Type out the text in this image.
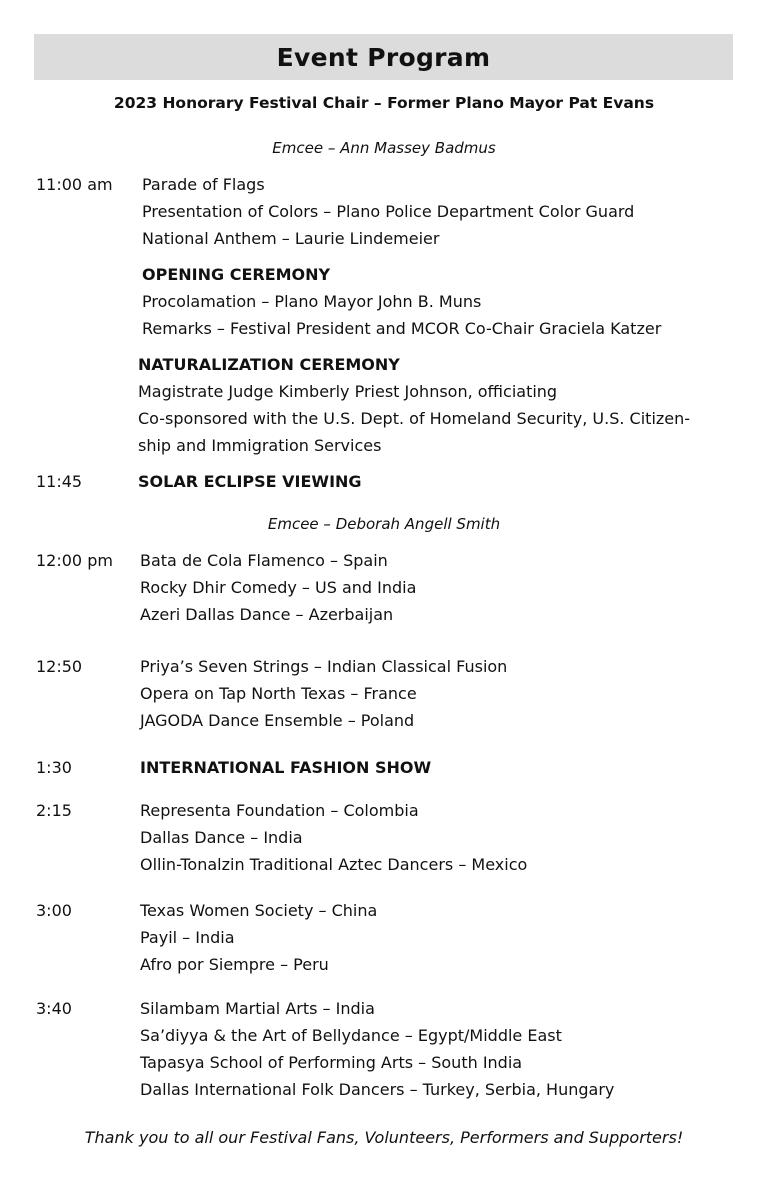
Event Program
2023 Honorary Festival Chair – Former Plano Mayor Pat Evans
Emcee – Ann Massey Badmus
11:00 am Parade of Flags
Presentation of Colors – Plano Police Department Color Guard
National Anthem – Laurie Lindemeier
OPENING CEREMONY
Procolamation – Plano Mayor John B. Muns
Remarks – Festival President and MCOR Co-Chair Graciela Katzer
NATURALIZATION CEREMONY
Magistrate Judge Kimberly Priest Johnson, officiating
Co-sponsored with the U.S. Dept. of Homeland Security, U.S. Citizen-
ship and Immigration Services
11:45	SOLAR ECLIPSE VIEWING
Emcee – Deborah Angell Smith
12:00 pm Bata de Cola Flamenco – Spain
Rocky Dhir Comedy – US and India
Azeri Dallas Dance – Azerbaijan
12:50	Priya’s Seven Strings – Indian Classical Fusion
Opera on Tap North Texas – France
JAGODA Dance Ensemble – Poland
1:30	INTERNATIONAL FASHION SHOW
2:15	Representa Foundation – Colombia
Dallas Dance – India
Ollin-Tonalzin Traditional Aztec Dancers – Mexico
3:00	Texas Women Society – China
Payil – India
Afro por Siempre – Peru
3:40	Silambam Martial Arts – India
Sa’diyya & the Art of Bellydance – Egypt/Middle East
Tapasya School of Performing Arts – South India
Dallas International Folk Dancers – Turkey, Serbia, Hungary
Thank you to all our Festival Fans, Volunteers, Performers and Supporters!
